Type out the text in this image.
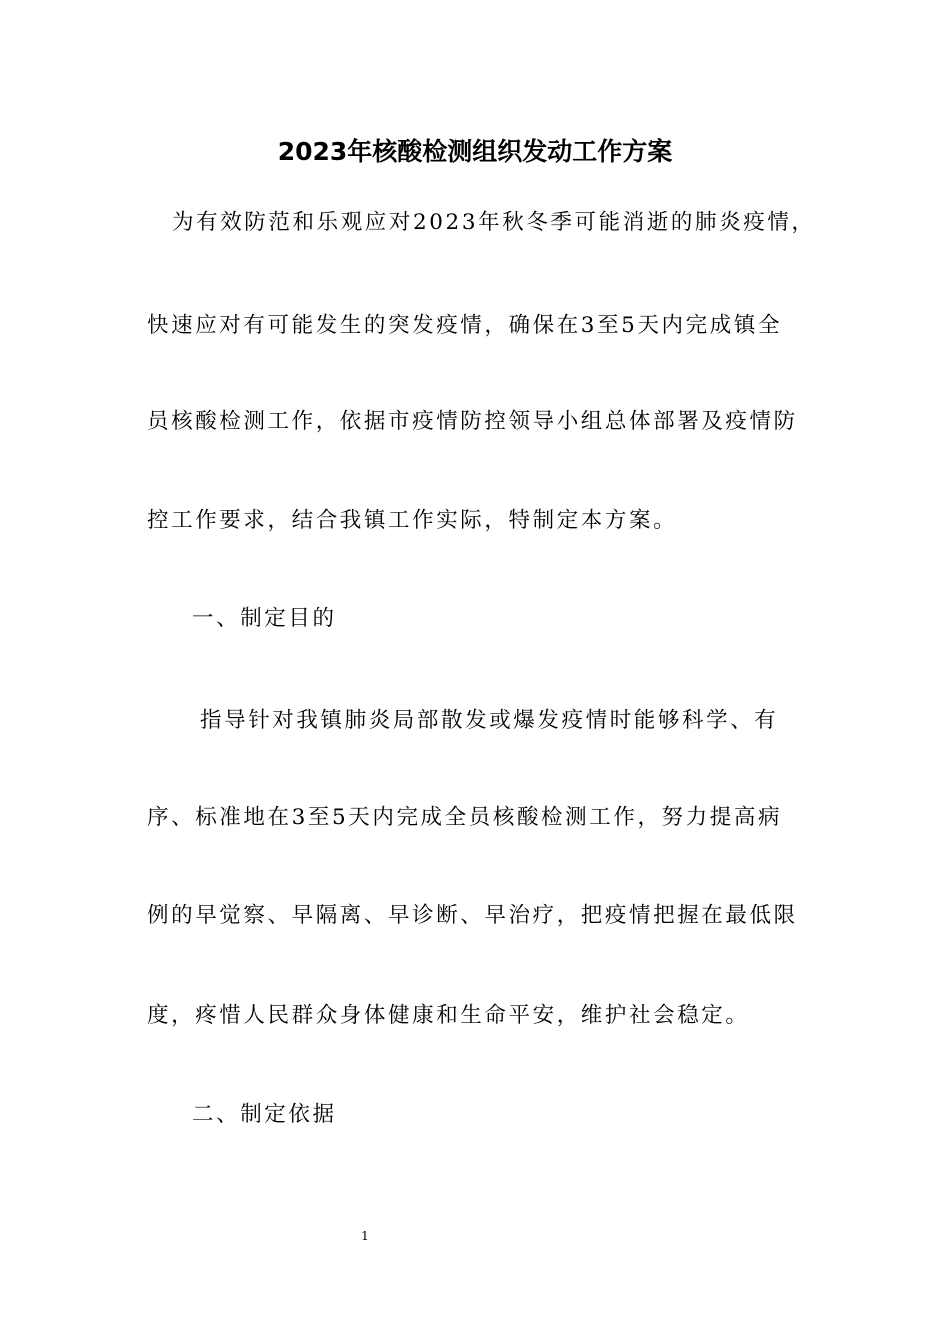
2023年核酸检测组织发动工作方案
为有效防范和乐观应对2023年秋冬季可能消逝的肺炎疫情，
快速应对有可能发生的突发疫情，确保在3至5天内完成镇全
员核酸检测工作，依据市疫情防控领导小组总体部署及疫情防
控工作要求，结合我镇工作实际，特制定本方案。
一、制定目的
指导针对我镇肺炎局部散发或爆发疫情时能够科学、有
序、标准地在3至5天内完成全员核酸检测工作，努力提高病
例的早觉察、早隔离、早诊断、早治疗，把疫情把握在最低限
度，疼惜人民群众身体健康和生命平安，维护社会稳定。
二、制定依据
1
